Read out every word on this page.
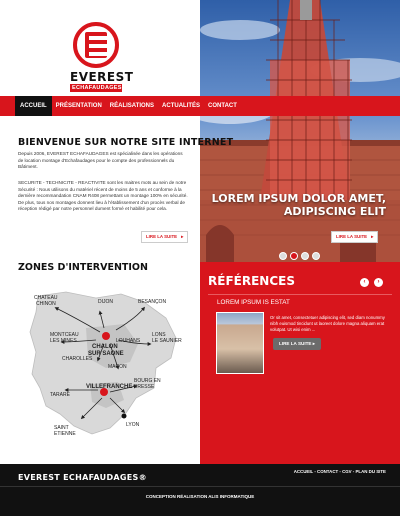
EVEREST
ECHAFAUDAGES
LOREM IPSUM DOLOR AMET,
ADIPISCING ELIT
LIRE LA SUITE ▸
ACCUEIL	PRÉSENTATION	RÉALISATIONS	ACTUALITÉS	CONTACT
BIENVENUE SUR NOTRE SITE INTERNET
Depuis 2006, EVEREST ECHAFAUDAGES est spécialisée dans les opérations de location montage d'Echafaudages pour le compte des professionnels du Bâtiment.
SECURITE - TECHNICITE - REACTIVITE sont les maitres mots au sein de notre Sécurité : Nous utilisons du matériel récent de moins de 5 ans et conforme à la dernière recommandation CNAM R408 permettant un montage 100% en sécurité. De plus, tous nos montages donnent lieu à l'établissement d'un procès verbal de réception rédigé par notre personnel dument formé et habilité pour cela.
LIRE LA SUITE ▸
ZONES D'INTERVENTION
CHATEAU
CHINON	DIJON	BESANÇON
CHALON
SUR SAONE
MONTCEAU
LES MINES	LOUHANS
LONS
LE SAUNIER
CHAROLLES
MACON
BOURG EN
BRESSE
TARARE
VILLEFRANCHE
LYON
SAINT
ETIENNE
RÉFÉRENCES	‹	›
LOREM IPSUM IS ESTAT
Or sit amet, consectetuer adipiscing elit, sed diam nonummy nibh euismod tincidunt ut laoreet dolore magna aliquam erat volutpat. Ut wisi enim ...
LIRE LA SUITE ▸
EVEREST ECHAFAUDAGES®
ACCUEIL - CONTACT - CGV - PLAN DU SITE
CONCEPTION RÉALISATION ALIS INFORMATIQUE
